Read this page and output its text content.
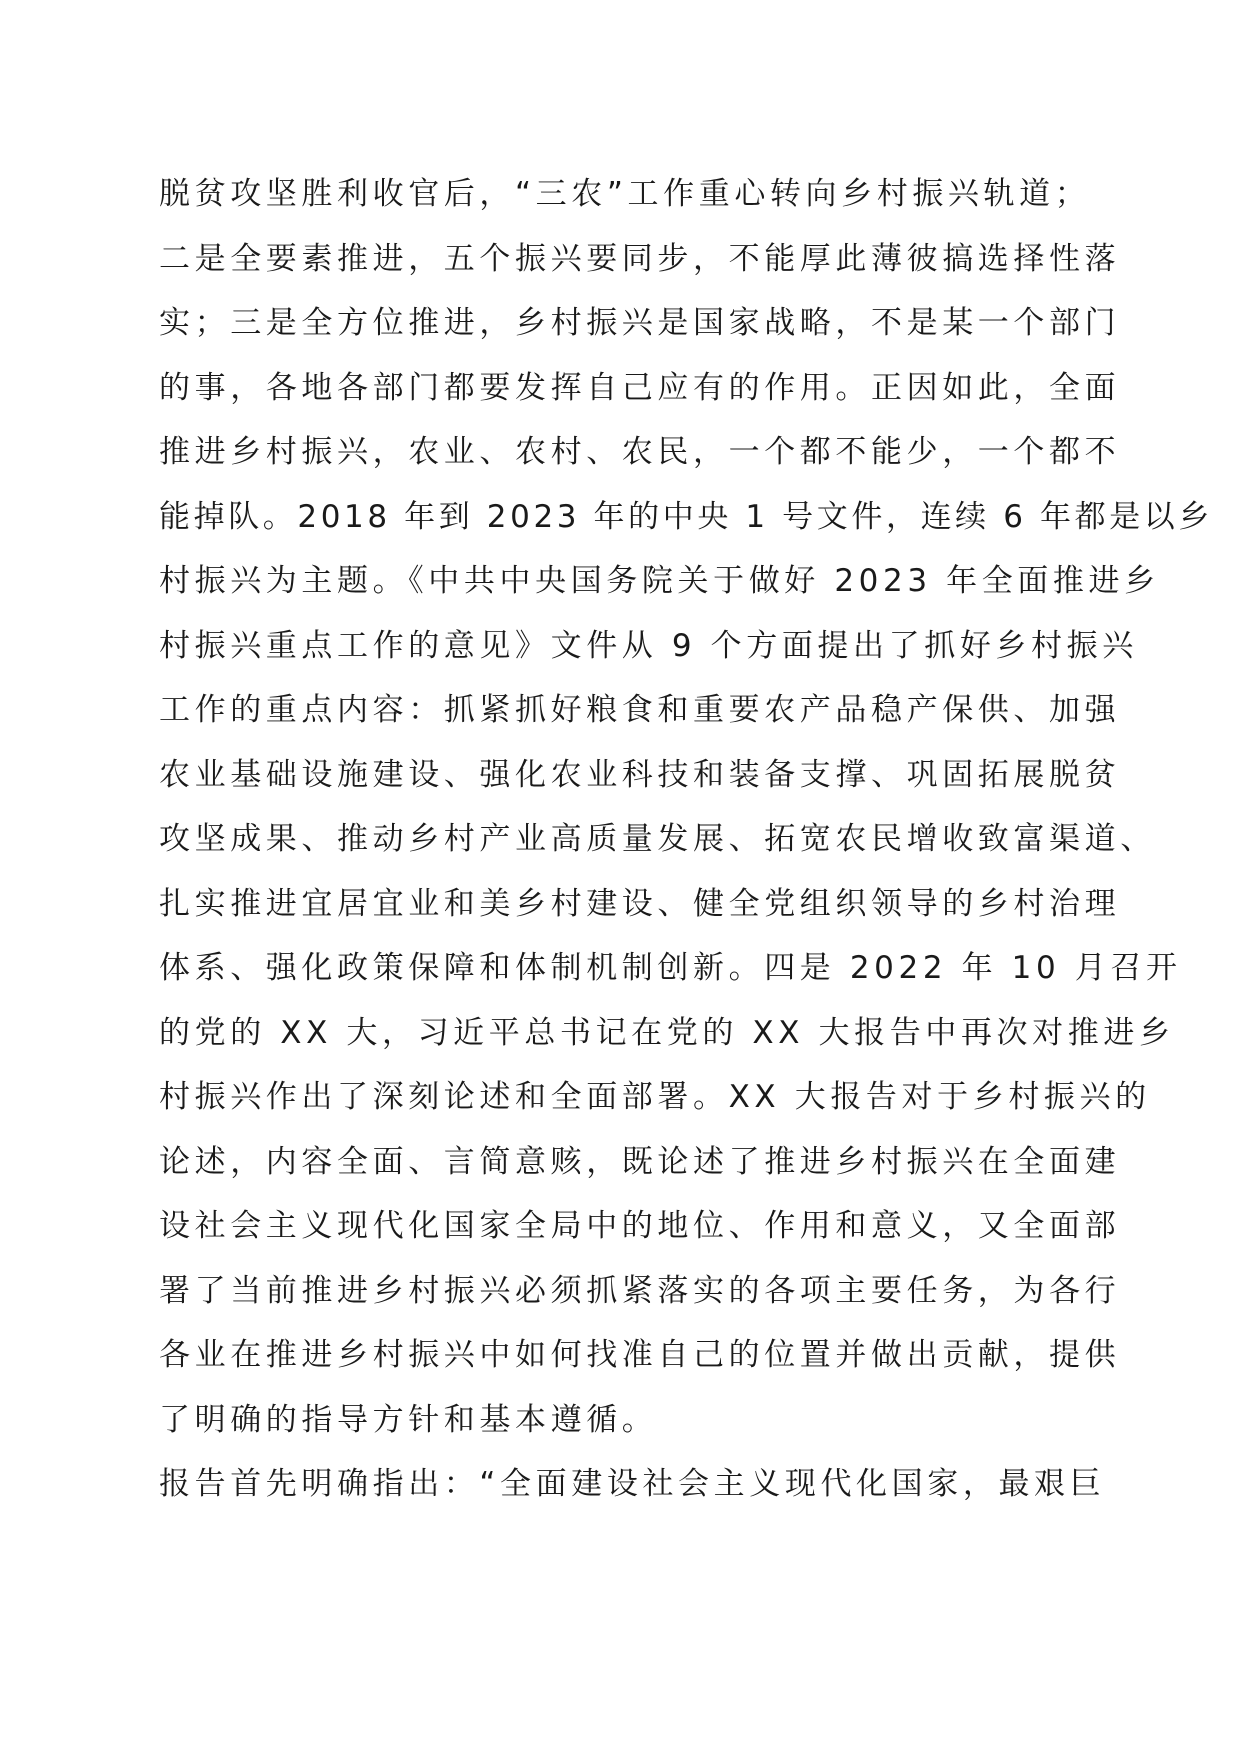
脱贫攻坚胜利收官后，“三农”工作重心转向乡村振兴轨道；
二是全要素推进，五个振兴要同步，不能厚此薄彼搞选择性落
实；三是全方位推进，乡村振兴是国家战略，不是某一个部门
的事，各地各部门都要发挥自己应有的作用。正因如此，全面
推进乡村振兴，农业、农村、农民，一个都不能少，一个都不
能掉队。2018 年到 2023 年的中央 1 号文件，连续 6 年都是以乡
村振兴为主题。《中共中央国务院关于做好 2023 年全面推进乡
村振兴重点工作的意见》文件从 9 个方面提出了抓好乡村振兴
工作的重点内容：抓紧抓好粮食和重要农产品稳产保供、加强
农业基础设施建设、强化农业科技和装备支撑、巩固拓展脱贫
攻坚成果、推动乡村产业高质量发展、拓宽农民增收致富渠道、
扎实推进宜居宜业和美乡村建设、健全党组织领导的乡村治理
体系、强化政策保障和体制机制创新。四是 2022 年 10 月召开
的党的 XX 大，习近平总书记在党的 XX 大报告中再次对推进乡
村振兴作出了深刻论述和全面部署。XX 大报告对于乡村振兴的
论述，内容全面、言简意赅，既论述了推进乡村振兴在全面建
设社会主义现代化国家全局中的地位、作用和意义，又全面部
署了当前推进乡村振兴必须抓紧落实的各项主要任务，为各行
各业在推进乡村振兴中如何找准自己的位置并做出贡献，提供
了明确的指导方针和基本遵循。
报告首先明确指出：“全面建设社会主义现代化国家，最艰巨
